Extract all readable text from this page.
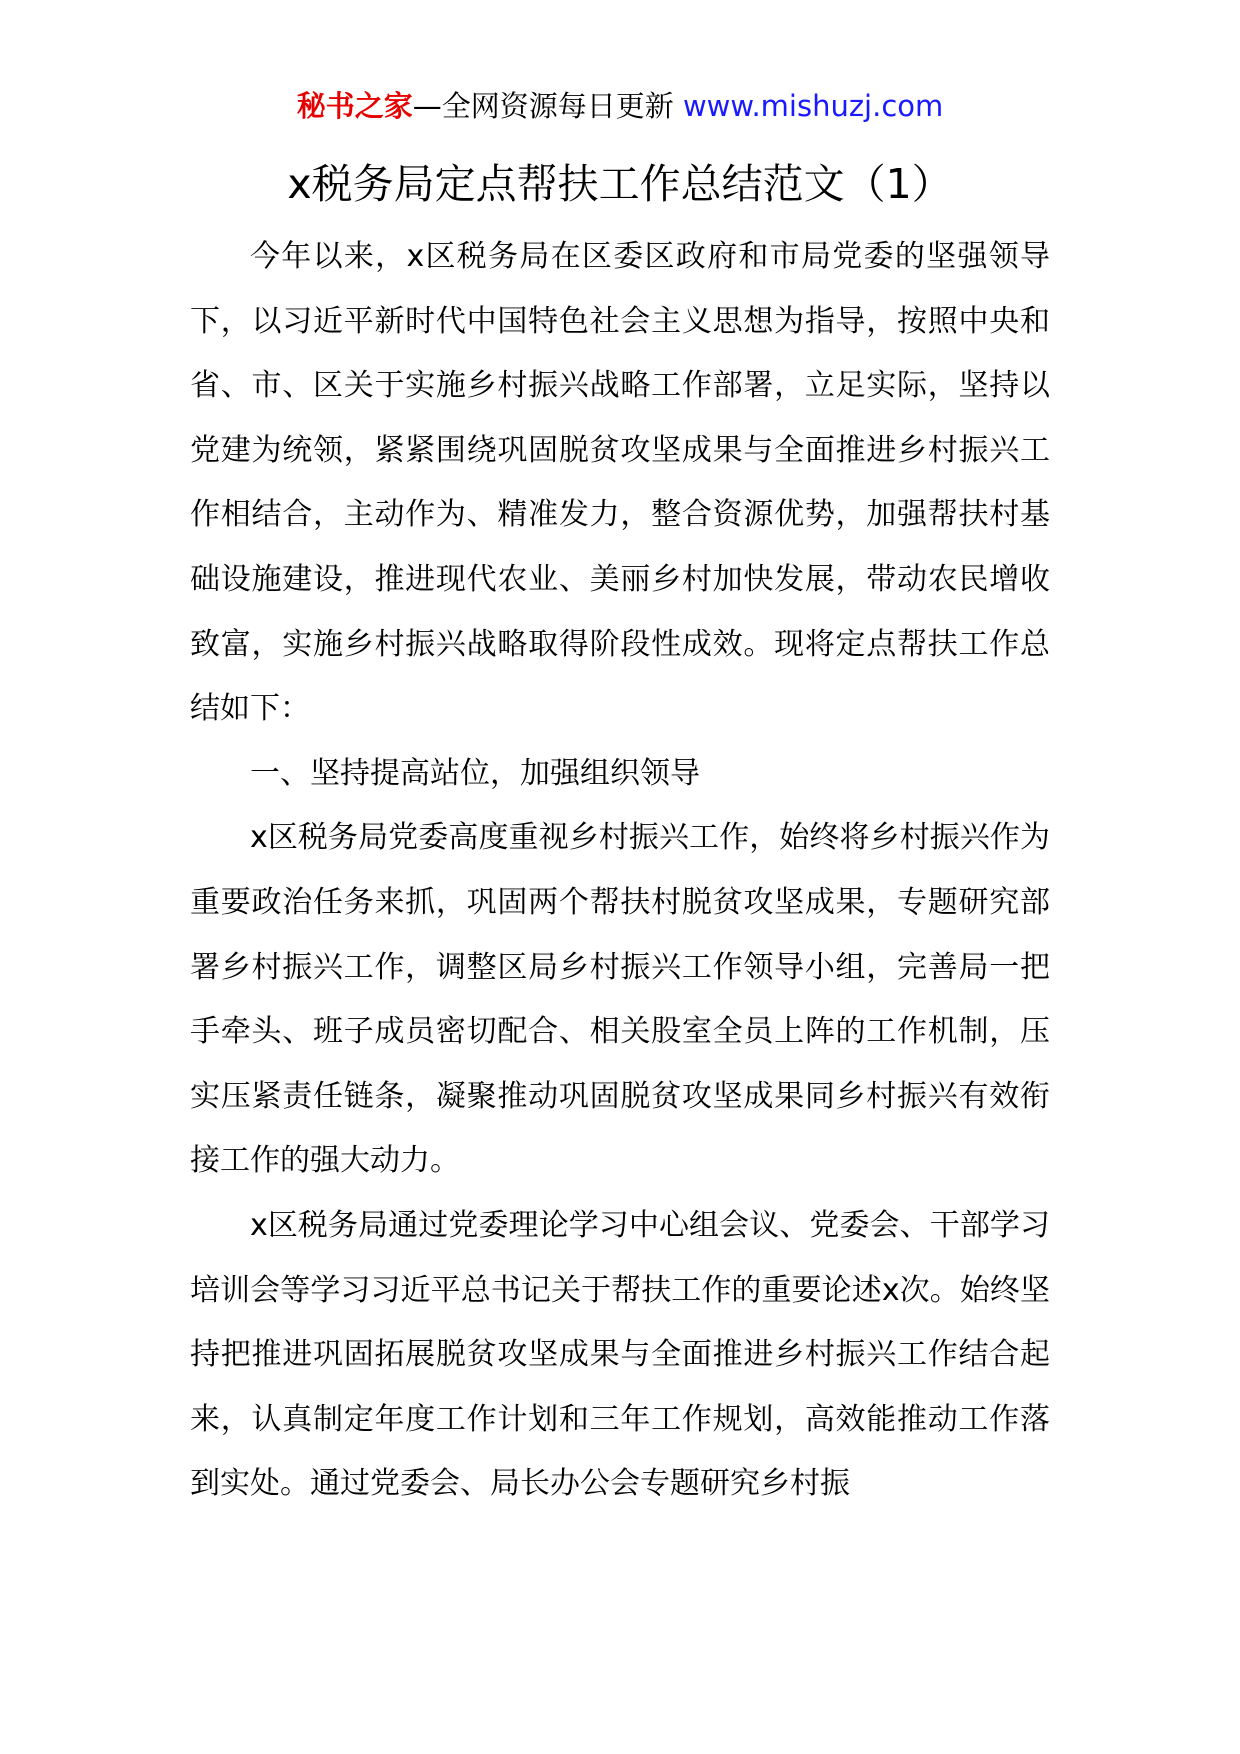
秘书之家—全网资源每日更新 www.mishuzj.com
x税务局定点帮扶工作总结范文（1）

今年以来，x区税务局在区委区政府和市局党委的坚强领导下，以习近平新时代中国特色社会主义思想为指导，按照中央和省、市、区关于实施乡村振兴战略工作部署，立足实际，坚持以党建为统领，紧紧围绕巩固脱贫攻坚成果与全面推进乡村振兴工作相结合，主动作为、精准发力，整合资源优势，加强帮扶村基础设施建设，推进现代农业、美丽乡村加快发展，带动农民增收致富，实施乡村振兴战略取得阶段性成效。现将定点帮扶工作总结如下：

一、坚持提高站位，加强组织领导

x区税务局党委高度重视乡村振兴工作，始终将乡村振兴作为重要政治任务来抓，巩固两个帮扶村脱贫攻坚成果，专题研究部署乡村振兴工作，调整区局乡村振兴工作领导小组，完善局一把手牵头、班子成员密切配合、相关股室全员上阵的工作机制，压实压紧责任链条，凝聚推动巩固脱贫攻坚成果同乡村振兴有效衔接工作的强大动力。

x区税务局通过党委理论学习中心组会议、党委会、干部学习培训会等学习习近平总书记关于帮扶工作的重要论述x次。始终坚持把推进巩固拓展脱贫攻坚成果与全面推进乡村振兴工作结合起来，认真制定年度工作计划和三年工作规划，高效能推动工作落到实处。通过党委会、局长办公会专题研究乡村振
